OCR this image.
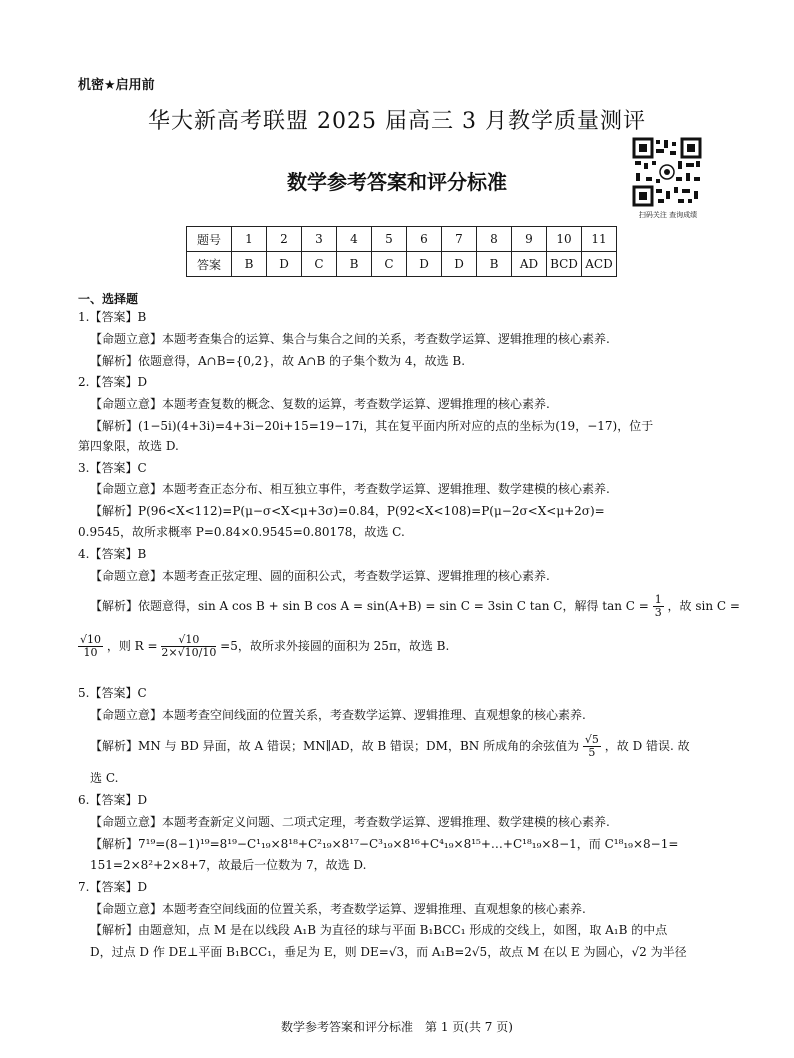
机密★启用前
华大新高考联盟 2025 届高三 3 月教学质量测评
数学参考答案和评分标准
扫码关注 查询成绩
题号	1	2	3	4	5	6	7	8	9	10	11
答案	B	D	C	B	C	D	D	B	AD	BCD	ACD
一、选择题
1.【答案】B
【命题立意】本题考查集合的运算、集合与集合之间的关系，考查数学运算、逻辑推理的核心素养.
【解析】依题意得，A∩B={0,2}，故 A∩B 的子集个数为 4，故选 B.
2.【答案】D
【命题立意】本题考查复数的概念、复数的运算，考查数学运算、逻辑推理的核心素养.
【解析】(1−5i)(4+3i)=4+3i−20i+15=19−17i，其在复平面内所对应的点的坐标为(19，−17)，位于
第四象限，故选 D.
3.【答案】C
【命题立意】本题考查正态分布、相互独立事件，考查数学运算、逻辑推理、数学建模的核心素养.
【解析】P(96<X<112)=P(μ−σ<X<μ+3σ)=0.84，P(92<X<108)=P(μ−2σ<X<μ+2σ)=
0.9545，故所求概率 P=0.84×0.9545=0.80178，故选 C.
4.【答案】B
【命题立意】本题考查正弦定理、圆的面积公式，考查数学运算、逻辑推理的核心素养.
【解析】依题意得，sin A cos B + sin B cos A = sin(A+B) = sin C = 3sin C tan C，解得 $\tan C = \frac{1}{3}$ ，故 sin C =
$\frac{√10}{10}$ ，则 $R = \frac{√10}{2\times√10/10} =5$，故所求外接圆的面积为 25π，故选 B.
5.【答案】C
【命题立意】本题考查空间线面的位置关系，考查数学运算、逻辑推理、直观想象的核心素养.
【解析】MN 与 BD 异面，故 A 错误；MN∥AD，故 B 错误；DM，BN 所成角的余弦值为 $\frac{√5}{5}$ ，故 D 错误. 故
选 C.
6.【答案】D
【命题立意】本题考查新定义问题、二项式定理，考查数学运算、逻辑推理、数学建模的核心素养.
【解析】7¹⁹=(8−1)¹⁹=8¹⁹−C¹₁₉×8¹⁸+C²₁₉×8¹⁷−C³₁₉×8¹⁶+C⁴₁₉×8¹⁵+…+C¹⁸₁₉×8−1，而 C¹⁸₁₉×8−1=
151=2×8²+2×8+7，故最后一位数为 7，故选 D.
7.【答案】D
【命题立意】本题考查空间线面的位置关系，考查数学运算、逻辑推理、直观想象的核心素养.
【解析】由题意知，点 M 是在以线段 A₁B 为直径的球与平面 B₁BCC₁ 形成的交线上，如图，取 A₁B 的中点
D，过点 D 作 DE⊥平面 B₁BCC₁，垂足为 E，则 DE=√3，而 A₁B=2√5，故点 M 在以 E 为圆心，√2 为半径
数学参考答案和评分标准　第 1 页(共 7 页)
